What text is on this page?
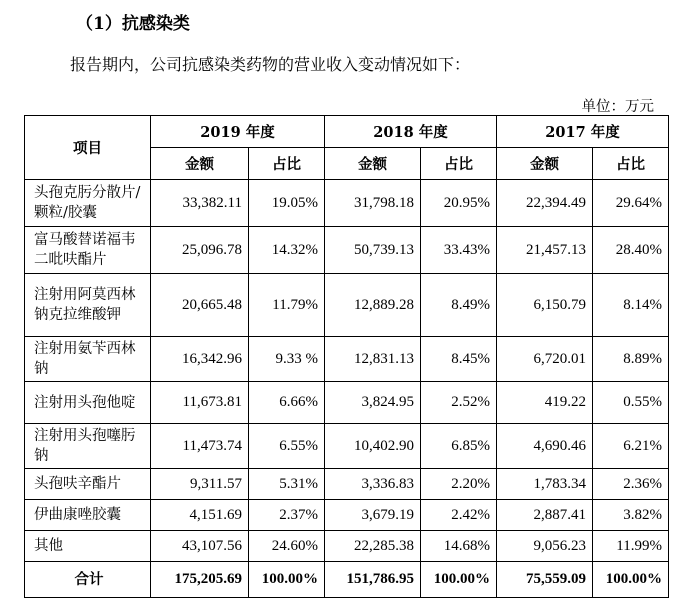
（1）抗感染类
报告期内，公司抗感染类药物的营业收入变动情况如下：
单位：万元
项目	2019 年度		2018 年度		2017 年度	
	金额	占比	金额	占比	金额	占比
头孢克肟分散片/颗粒/胶囊	33,382.11	19.05%	31,798.18	20.95%	22,394.49	29.64%
富马酸替诺福韦二吡呋酯片	25,096.78	14.32%	50,739.13	33.43%	21,457.13	28.40%
注射用阿莫西林钠克拉维酸钾	20,665.48	11.79%	12,889.28	8.49%	6,150.79	8.14%
注射用氨苄西林钠	16,342.96	9.33 %	12,831.13	8.45%	6,720.01	8.89%
注射用头孢他啶	11,673.81	6.66%	3,824.95	2.52%	419.22	0.55%
注射用头孢噻肟钠	11,473.74	6.55%	10,402.90	6.85%	4,690.46	6.21%
头孢呋辛酯片	9,311.57	5.31%	3,336.83	2.20%	1,783.34	2.36%
伊曲康唑胶囊	4,151.69	2.37%	3,679.19	2.42%	2,887.41	3.82%
其他	43,107.56	24.60%	22,285.38	14.68%	9,056.23	11.99%
合计	175,205.69	100.00%	151,786.95	100.00%	75,559.09	100.00%
